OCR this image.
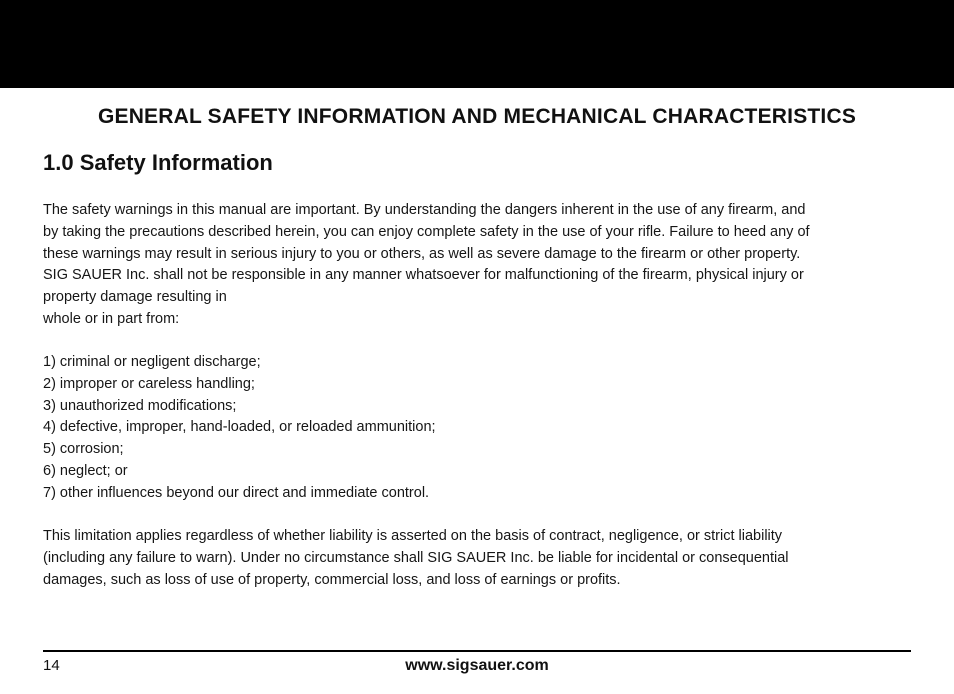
GENERAL SAFETY INFORMATION AND MECHANICAL CHARACTERISTICS
1.0 Safety Information
The safety warnings in this manual are important. By understanding the dangers inherent in the use of any firearm, and
by taking the precautions described herein, you can enjoy complete safety in the use of your rifle. Failure to heed any of
these warnings may result in serious injury to you or others, as well as severe damage to the firearm or other property.
SIG SAUER Inc. shall not be responsible in any manner whatsoever for malfunctioning of the firearm, physical injury or
property damage resulting in
whole or in part from:
1) criminal or negligent discharge;
2) improper or careless handling;
3) unauthorized modifications;
4) defective, improper, hand-loaded, or reloaded ammunition;
5) corrosion;
6) neglect; or
7) other influences beyond our direct and immediate control.
This limitation applies regardless of whether liability is asserted on the basis of contract, negligence, or strict liability
(including any failure to warn). Under no circumstance shall SIG SAUER Inc. be liable for incidental or consequential
damages, such as loss of use of property, commercial loss, and loss of earnings or profits.
14	www.sigsauer.com
